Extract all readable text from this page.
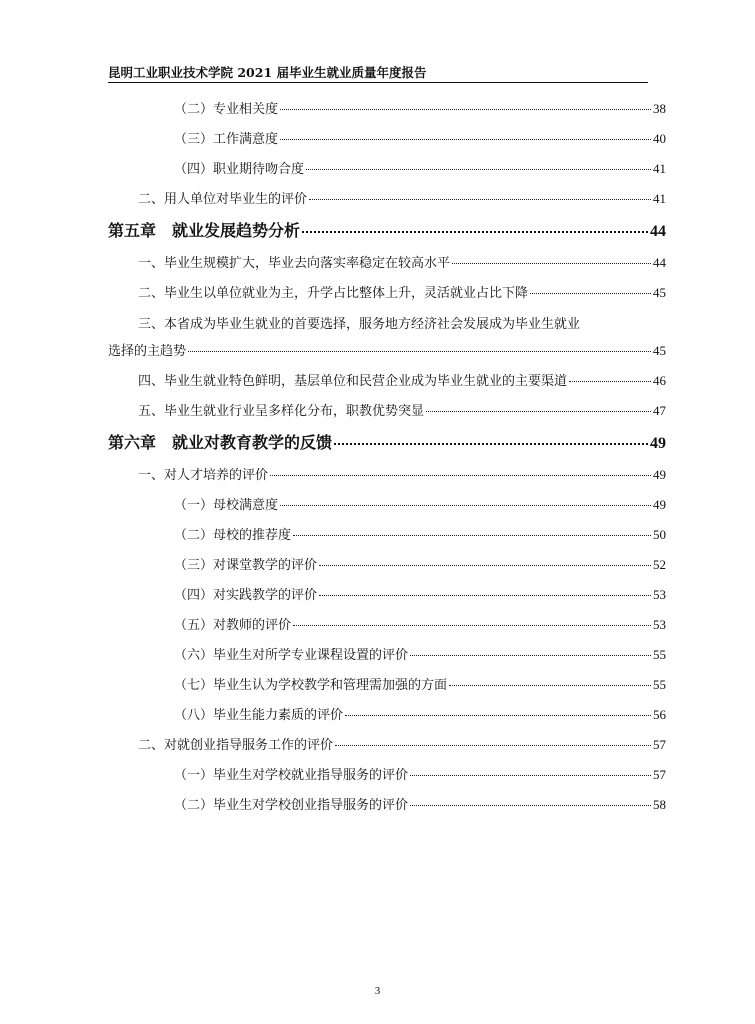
昆明工业职业技术学院 2021 届毕业生就业质量年度报告
（二）专业相关度	38
（三）工作满意度	40
（四）职业期待吻合度	41
二、用人单位对毕业生的评价	41
第五章　就业发展趋势分析	44
一、毕业生规模扩大，毕业去向落实率稳定在较高水平	44
二、毕业生以单位就业为主，升学占比整体上升，灵活就业占比下降	45
三、本省成为毕业生就业的首要选择，服务地方经济社会发展成为毕业生就业
选择的主趋势	45
四、毕业生就业特色鲜明，基层单位和民营企业成为毕业生就业的主要渠道	46
五、毕业生就业行业呈多样化分布，职教优势突显	47
第六章　就业对教育教学的反馈	49
一、对人才培养的评价	49
（一）母校满意度	49
（二）母校的推荐度	50
（三）对课堂教学的评价	52
（四）对实践教学的评价	53
（五）对教师的评价	53
（六）毕业生对所学专业课程设置的评价	55
（七）毕业生认为学校教学和管理需加强的方面	55
（八）毕业生能力素质的评价	56
二、对就创业指导服务工作的评价	57
（一）毕业生对学校就业指导服务的评价	57
（二）毕业生对学校创业指导服务的评价	58
3
